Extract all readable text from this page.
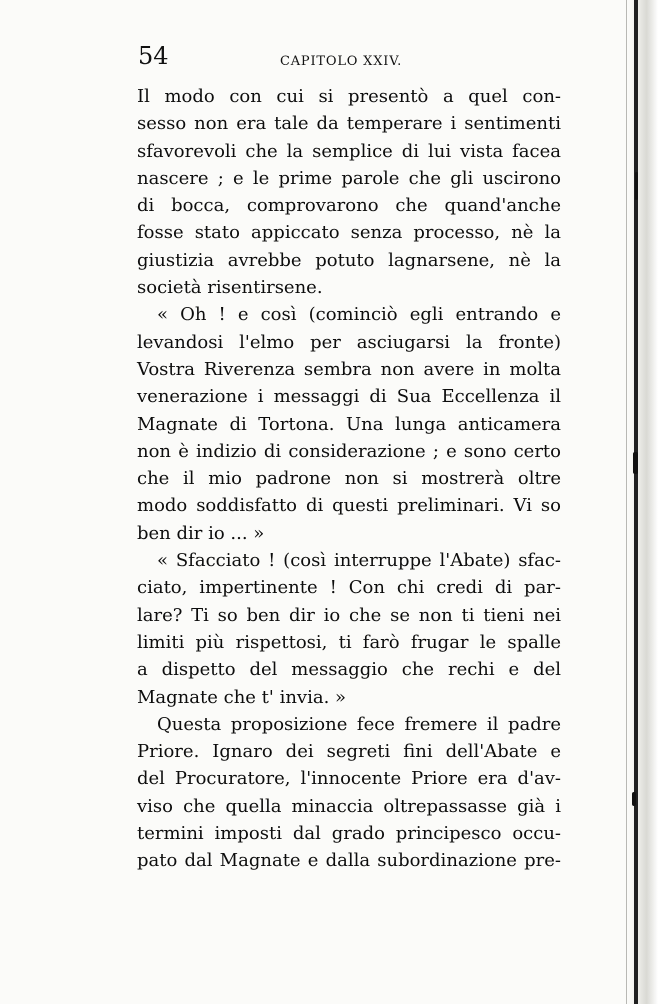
54	CAPITOLO XXIV.
Il modo con cui si presentò a quel con-
sesso non era tale da temperare i sentimenti
sfavorevoli che la semplice di lui vista facea
nascere ; e le prime parole che gli uscirono
di bocca, comprovarono che quand'anche
fosse stato appiccato senza processo, nè la
giustizia avrebbe potuto lagnarsene, nè la
società risentirsene.
« Oh ! e così (cominciò egli entrando e
levandosi l'elmo per asciugarsi la fronte)
Vostra Riverenza sembra non avere in molta
venerazione i messaggi di Sua Eccellenza il
Magnate di Tortona. Una lunga anticamera
non è indizio di considerazione ; e sono certo
che il mio padrone non si mostrerà oltre
modo soddisfatto di questi preliminari. Vi so
ben dir io ... »
« Sfacciato ! (così interruppe l'Abate) sfac-
ciato, impertinente ! Con chi credi di par-
lare? Ti so ben dir io che se non ti tieni nei
limiti più rispettosi, ti farò frugar le spalle
a dispetto del messaggio che rechi e del
Magnate che t' invia. »
Questa proposizione fece fremere il padre
Priore. Ignaro dei segreti fini dell'Abate e
del Procuratore, l'innocente Priore era d'av-
viso che quella minaccia oltrepassasse già i
termini imposti dal grado principesco occu-
pato dal Magnate e dalla subordinazione pre-
